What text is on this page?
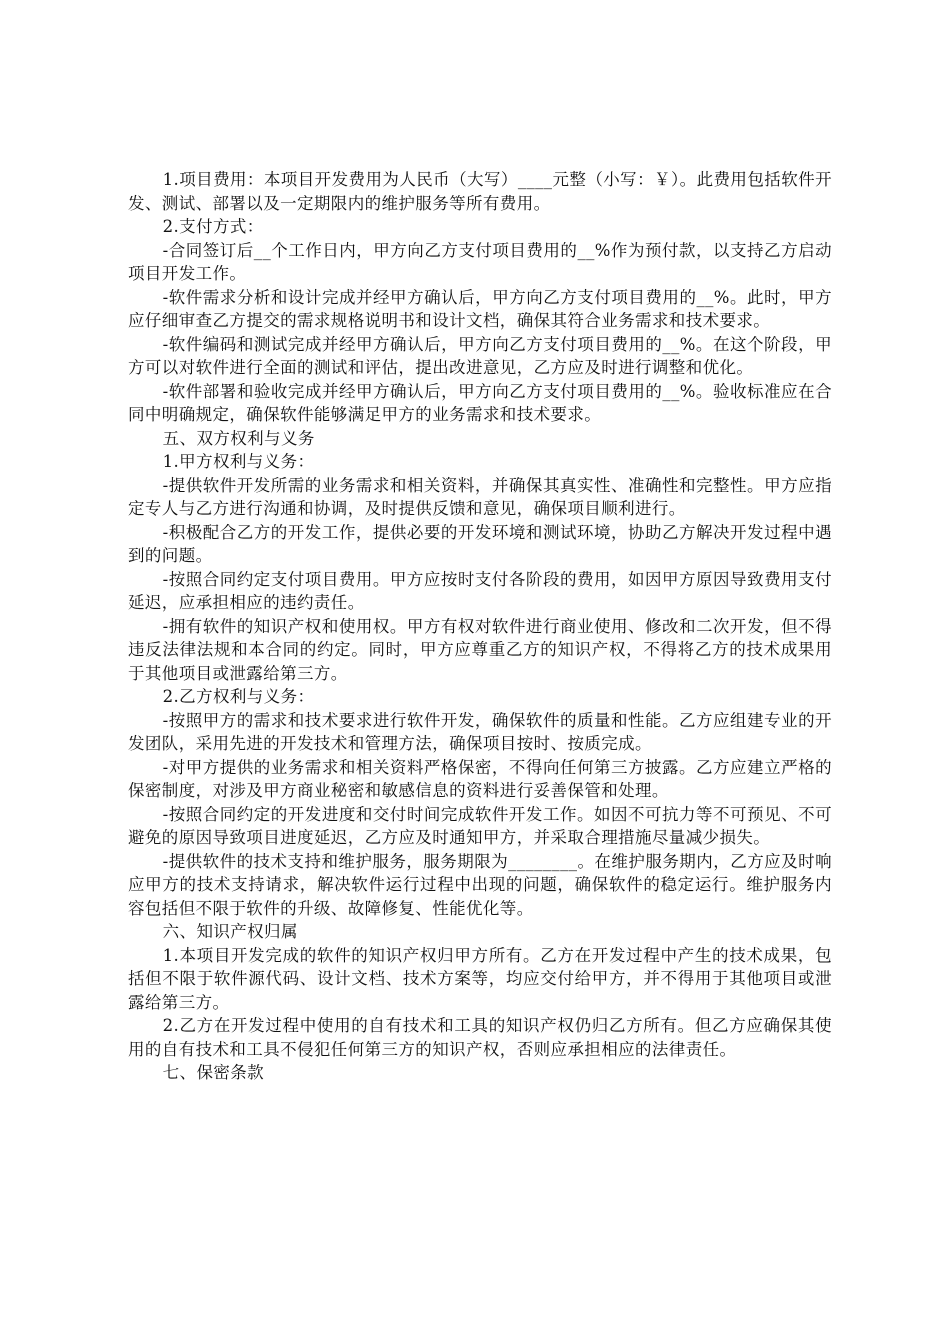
1.项目费用：本项目开发费用为人民币（大写）____元整（小写：￥）。此费用包括软件开发、测试、部署以及一定期限内的维护服务等所有费用。

2.支付方式：

-合同签订后__个工作日内，甲方向乙方支付项目费用的__%作为预付款，以支持乙方启动项目开发工作。

-软件需求分析和设计完成并经甲方确认后，甲方向乙方支付项目费用的__%。此时，甲方应仔细审查乙方提交的需求规格说明书和设计文档，确保其符合业务需求和技术要求。

-软件编码和测试完成并经甲方确认后，甲方向乙方支付项目费用的__%。在这个阶段，甲方可以对软件进行全面的测试和评估，提出改进意见，乙方应及时进行调整和优化。

-软件部署和验收完成并经甲方确认后，甲方向乙方支付项目费用的__%。验收标准应在合同中明确规定，确保软件能够满足甲方的业务需求和技术要求。

五、双方权利与义务

1.甲方权利与义务：

-提供软件开发所需的业务需求和相关资料，并确保其真实性、准确性和完整性。甲方应指定专人与乙方进行沟通和协调，及时提供反馈和意见，确保项目顺利进行。

-积极配合乙方的开发工作，提供必要的开发环境和测试环境，协助乙方解决开发过程中遇到的问题。

-按照合同约定支付项目费用。甲方应按时支付各阶段的费用，如因甲方原因导致费用支付延迟，应承担相应的违约责任。

-拥有软件的知识产权和使用权。甲方有权对软件进行商业使用、修改和二次开发，但不得违反法律法规和本合同的约定。同时，甲方应尊重乙方的知识产权，不得将乙方的技术成果用于其他项目或泄露给第三方。

2.乙方权利与义务：

-按照甲方的需求和技术要求进行软件开发，确保软件的质量和性能。乙方应组建专业的开发团队，采用先进的开发技术和管理方法，确保项目按时、按质完成。

-对甲方提供的业务需求和相关资料严格保密，不得向任何第三方披露。乙方应建立严格的保密制度，对涉及甲方商业秘密和敏感信息的资料进行妥善保管和处理。

-按照合同约定的开发进度和交付时间完成软件开发工作。如因不可抗力等不可预见、不可避免的原因导致项目进度延迟，乙方应及时通知甲方，并采取合理措施尽量减少损失。

-提供软件的技术支持和维护服务，服务期限为________。在维护服务期内，乙方应及时响应甲方的技术支持请求，解决软件运行过程中出现的问题，确保软件的稳定运行。维护服务内容包括但不限于软件的升级、故障修复、性能优化等。

六、知识产权归属

1.本项目开发完成的软件的知识产权归甲方所有。乙方在开发过程中产生的技术成果，包括但不限于软件源代码、设计文档、技术方案等，均应交付给甲方，并不得用于其他项目或泄露给第三方。

2.乙方在开发过程中使用的自有技术和工具的知识产权仍归乙方所有。但乙方应确保其使用的自有技术和工具不侵犯任何第三方的知识产权，否则应承担相应的法律责任。

七、保密条款
